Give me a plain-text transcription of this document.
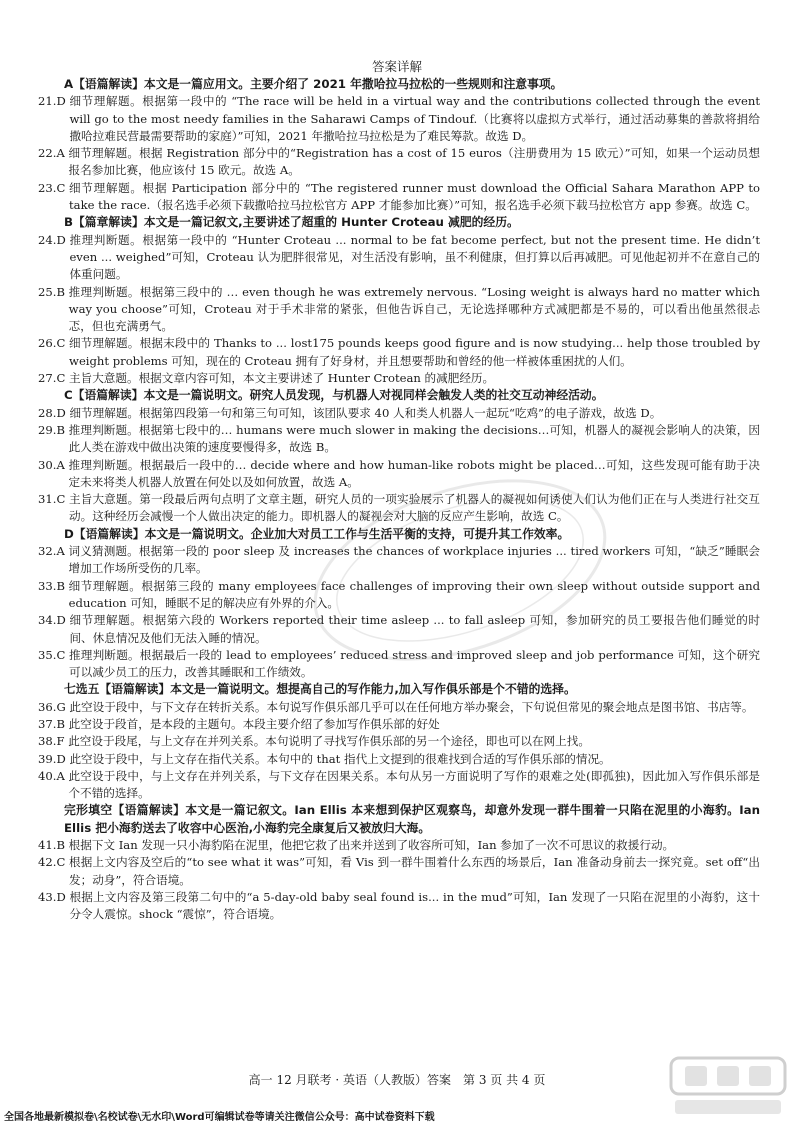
答案详解

A【语篇解读】本文是一篇应用文。主要介绍了 2021 年撒哈拉马拉松的一些规则和注意事项。

21. D
细节理解题。根据第一段中的 “The race will be held in a virtual way and the contributions collected through the event will go to the most needy families in the Saharawi Camps of Tindouf.（比赛将以虚拟方式举行，通过活动募集的善款将捐给撒哈拉难民营最需要帮助的家庭）”可知，2021 年撒哈拉马拉松是为了难民筹款。故选 D。
22. A
细节理解题。根据 Registration 部分中的“Registration has a cost of 15 euros（注册费用为 15 欧元）”可知，如果一个运动员想报名参加比赛，他应该付 15 欧元。故选 A。
23. C
细节理解题。根据 Participation 部分中的 “The registered runner must download the Official Sahara Marathon APP to take the race.（报名选手必须下载撒哈拉马拉松官方 APP 才能参加比赛）”可知，报名选手必须下载马拉松官方 app 参赛。故选 C。

B【篇章解读】本文是一篇记叙文,主要讲述了超重的 Hunter Croteau 减肥的经历。

24. D
推理判断题。根据第一段中的 “Hunter Croteau ... normal to be fat become perfect, but not the present time. He didn’t even ... weighed”可知，Croteau 认为肥胖很常见，对生活没有影响，虽不利健康，但打算以后再减肥。可见他起初并不在意自己的体重问题。
25. B
推理判断题。根据第三段中的 … even though he was extremely nervous. “Losing weight is always hard no matter which way you choose”可知，Croteau 对于手术非常的紧张，但他告诉自己，无论选择哪种方式减肥都是不易的，可以看出他虽然很忐忑，但也充满勇气。
26. C
细节理解题。根据末段中的 Thanks to ... lost175 pounds keeps good figure and is now studying... help those troubled by weight problems 可知，现在的 Croteau 拥有了好身材，并且想要帮助和曾经的他一样被体重困扰的人们。
27. C
主旨大意题。根据文章内容可知，本文主要讲述了 Hunter Crotean 的减肥经历。

C【语篇解读】本文是一篇说明文。研究人员发现，与机器人对视同样会触发人类的社交互动神经活动。

28. D
细节理解题。根据第四段第一句和第三句可知，该团队要求 40 人和类人机器人一起玩“吃鸡”的电子游戏，故选 D。
29. B
推理判断题。根据第七段中的… humans were much slower in making the decisions…可知，机器人的凝视会影响人的决策，因此人类在游戏中做出决策的速度要慢得多，故选 B。
30. A
推理判断题。根据最后一段中的… decide where and how human-like robots might be placed…可知，这些发现可能有助于决定未来将类人机器人放置在何处以及如何放置，故选 A。
31. C
主旨大意题。第一段最后两句点明了文章主题，研究人员的一项实验展示了机器人的凝视如何诱使人们认为他们正在与人类进行社交互动。这种经历会减慢一个人做出决定的能力。即机器人的凝视会对大脑的反应产生影响，故选 C。

D【语篇解读】本文是一篇说明文。企业加大对员工工作与生活平衡的支持，可提升其工作效率。

32. A
词义猜测题。根据第一段的 poor sleep 及 increases the chances of workplace injuries ... tired workers 可知，“缺乏”睡眠会增加工作场所受伤的几率。
33. B
细节理解题。根据第三段的 many employees face challenges of improving their own sleep without outside support and education 可知，睡眠不足的解决应有外界的介入。
34. D
细节理解题。根据第六段的 Workers reported their time asleep ... to fall asleep 可知，参加研究的员工要报告他们睡觉的时间、休息情况及他们无法入睡的情况。
35. C
推理判断题。根据最后一段的 lead to employees’ reduced stress and improved sleep and job performance 可知，这个研究可以减少员工的压力，改善其睡眠和工作绩效。

七选五【语篇解读】本文是一篇说明文。想提高自己的写作能力,加入写作俱乐部是个不错的选择。

36. G
此空设于段中，与下文存在转折关系。本句说写作俱乐部几乎可以在任何地方举办聚会，下句说但常见的聚会地点是图书馆、书店等。
37. B
此空设于段首，是本段的主题句。本段主要介绍了参加写作俱乐部的好处
38. F
此空设于段尾，与上文存在并列关系。本句说明了寻找写作俱乐部的另一个途径，即也可以在网上找。
39. D
此空设于段中，与上文存在指代关系。本句中的 that 指代上文提到的很难找到合适的写作俱乐部的情况。
40. A
此空设于段中，与上文存在并列关系，与下文存在因果关系。本句从另一方面说明了写作的艰难之处(即孤独)，因此加入写作俱乐部是个不错的选择。

完形填空【语篇解读】本文是一篇记叙文。Ian Ellis 本来想到保护区观察鸟，却意外发现一群牛围着一只陷在泥里的小海豹。Ian Ellis 把小海豹送去了收容中心医治,小海豹完全康复后又被放归大海。

41. B
根据下文 Ian 发现一只小海豹陷在泥里，他把它救了出来并送到了收容所可知，Ian 参加了一次不可思议的救援行动。
42. C
根据上文内容及空后的“to see what it was”可知，看 Vis 到一群牛围着什么东西的场景后，Ian 准备动身前去一探究竟。set off“出发；动身”，符合语境。
43. D
根据上文内容及第三段第二句中的“a 5-day-old baby seal found is... in the mud”可知，Ian 发现了一只陷在泥里的小海豹，这十分令人震惊。shock “震惊”，符合语境。
高一 12 月联考 · 英语（人教版）答案　第 3 页 共 4 页
全国各地最新模拟卷\名校试卷\无水印\Word可编辑试卷等请关注微信公众号：高中试卷资料下载
